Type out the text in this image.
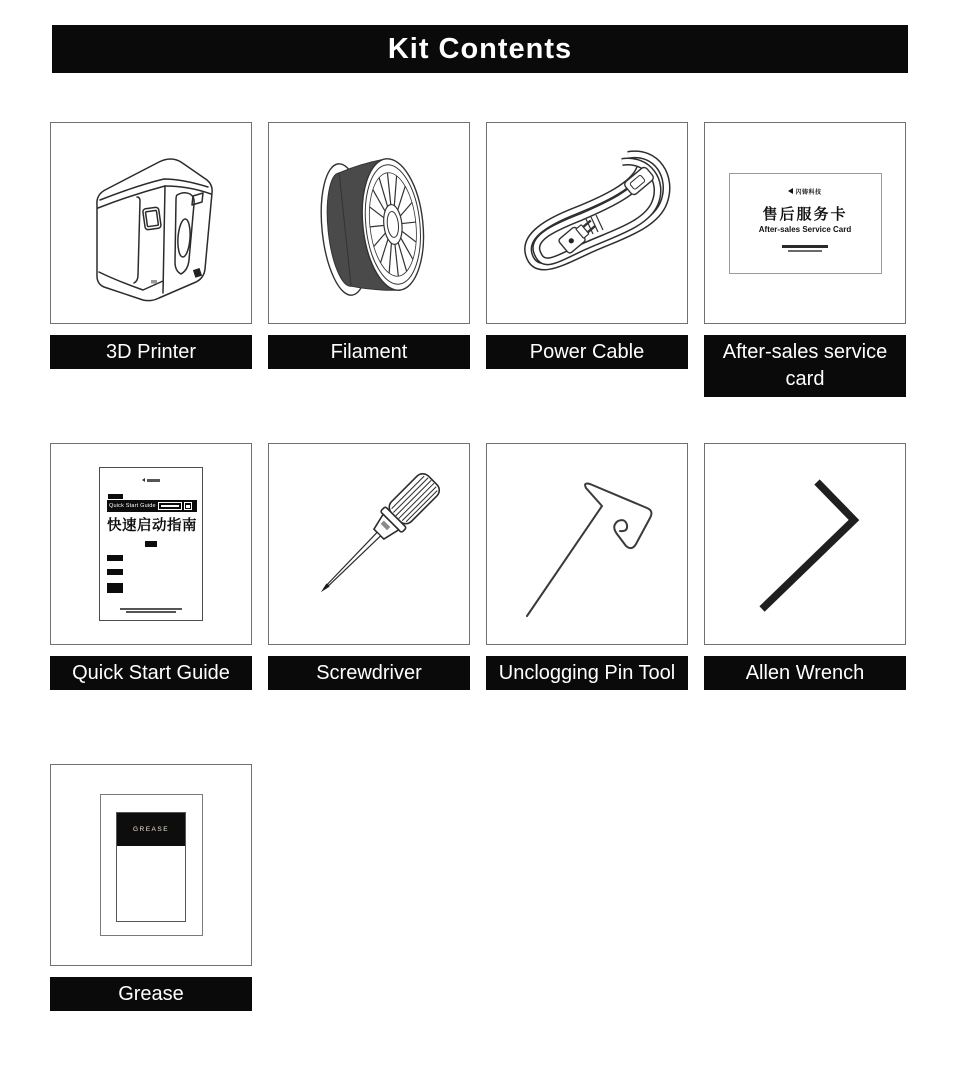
Kit Contents
3D Printer	Filament	Power Cable
闪铸科技
售后服务卡
After-sales Service Card
After-sales service card
Quick Start Guide
快速启动指南
Quick Start Guide	Screwdriver	Unclogging Pin Tool	Allen Wrench
GREASE
Grease
